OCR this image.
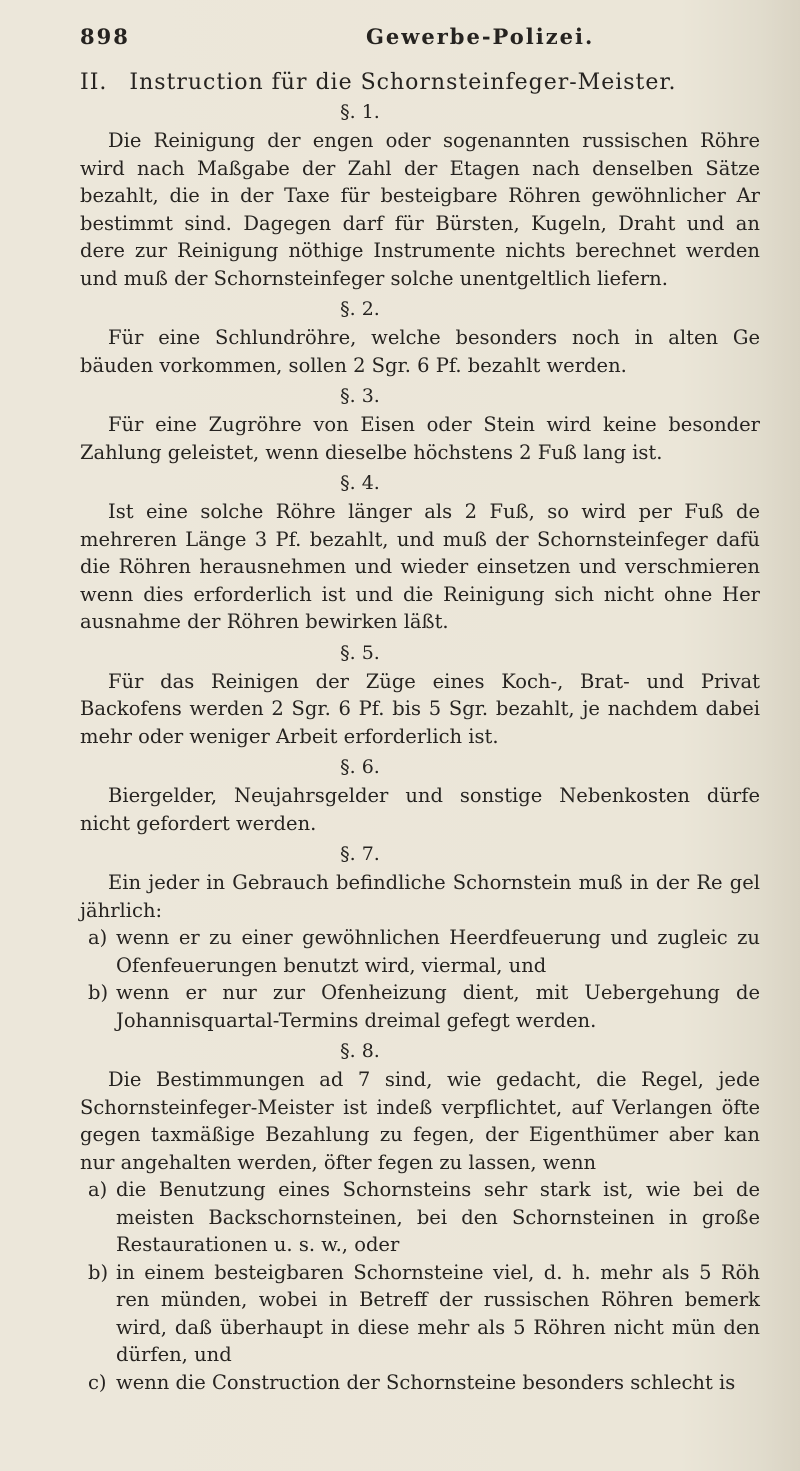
898	Gewerbe-Polizei.
II. Instruction für die Schornsteinfeger-Meister.
§. 1.

Die Reinigung der engen oder sogenannten russischen Röhre wird nach Maßgabe der Zahl der Etagen nach denselben Sätze bezahlt, die in der Taxe für besteigbare Röhren gewöhnlicher Ar bestimmt sind. Dagegen darf für Bürsten, Kugeln, Draht und an dere zur Reinigung nöthige Instrumente nichts berechnet werden und muß der Schornsteinfeger solche unentgeltlich liefern.

§. 2.

Für eine Schlundröhre, welche besonders noch in alten Ge bäuden vorkommen, sollen 2 Sgr. 6 Pf. bezahlt werden.

§. 3.

Für eine Zugröhre von Eisen oder Stein wird keine besonder Zahlung geleistet, wenn dieselbe höchstens 2 Fuß lang ist.

§. 4.

Ist eine solche Röhre länger als 2 Fuß, so wird per Fuß de mehreren Länge 3 Pf. bezahlt, und muß der Schornsteinfeger dafü die Röhren herausnehmen und wieder einsetzen und verschmieren wenn dies erforderlich ist und die Reinigung sich nicht ohne Her ausnahme der Röhren bewirken läßt.

§. 5.

Für das Reinigen der Züge eines Koch-, Brat- und Privat Backofens werden 2 Sgr. 6 Pf. bis 5 Sgr. bezahlt, je nachdem dabei mehr oder weniger Arbeit erforderlich ist.

§. 6.

Biergelder, Neujahrsgelder und sonstige Nebenkosten dürfe nicht gefordert werden.

§. 7.

Ein jeder in Gebrauch befindliche Schornstein muß in der Re gel jährlich:

a) wenn er zu einer gewöhnlichen Heerdfeuerung und zugleic zu Ofenfeuerungen benutzt wird, viermal, und
b) wenn er nur zur Ofenheizung dient, mit Uebergehung de Johannisquartal-Termins dreimal gefegt werden.
§. 8.

Die Bestimmungen ad 7 sind, wie gedacht, die Regel, jede Schornsteinfeger-Meister ist indeß verpflichtet, auf Verlangen öfte gegen taxmäßige Bezahlung zu fegen, der Eigenthümer aber kan nur angehalten werden, öfter fegen zu lassen, wenn

a) die Benutzung eines Schornsteins sehr stark ist, wie bei de meisten Backschornsteinen, bei den Schornsteinen in große Restaurationen u. s. w., oder
b) in einem besteigbaren Schornsteine viel, d. h. mehr als 5 Röh ren münden, wobei in Betreff der russischen Röhren bemerk wird, daß überhaupt in diese mehr als 5 Röhren nicht mün den dürfen, und
c) wenn die Construction der Schornsteine besonders schlecht is
